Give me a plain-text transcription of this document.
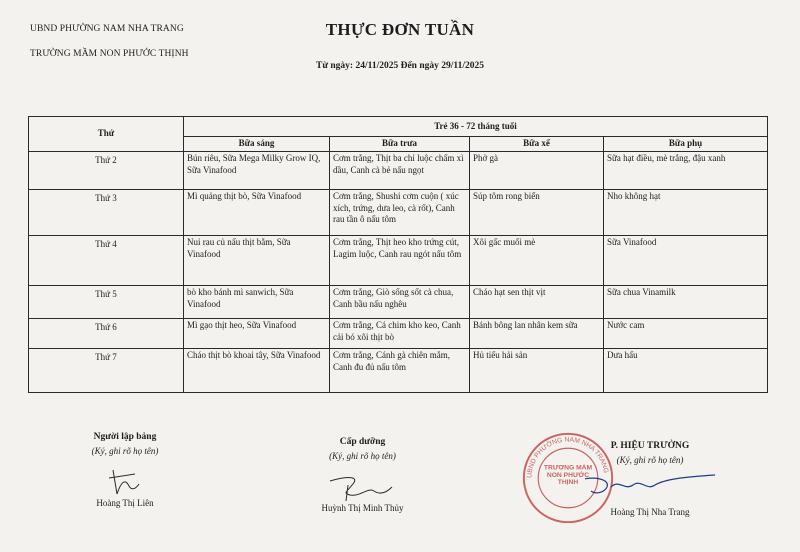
UBND PHƯỜNG NAM NHA TRANG
TRƯỜNG MẦM NON PHƯỚC THỊNH
THỰC ĐƠN TUẦN
Từ ngày: 24/11/2025 Đến ngày 29/11/2025
Thứ	Trẻ 36 - 72 tháng tuổi			
	Bữa sáng	Bữa trưa	Bữa xế	Bữa phụ
Thứ 2	Bún riêu, Sữa Mega Milky Grow IQ, Sữa Vinafood	Cơm trắng, Thịt ba chỉ luộc chấm xì dầu, Canh cà bẻ nấu ngọt	Phở gà	Sữa hạt điều, mè trắng, đậu xanh
Thứ 3	Mì quảng thịt bò, Sữa Vinafood	Cơm trắng, Shushi cơm cuộn ( xúc xích, trứng, dưa leo, cà rốt), Canh rau tần ô nấu tôm	Súp tôm rong biển	Nho không hạt
Thứ 4	Nui rau củ nấu thịt bằm, Sữa Vinafood	Cơm trắng, Thịt heo kho trứng cút, Lagim luộc, Canh rau ngót nấu tôm	Xôi gấc muối mè	Sữa Vinafood
Thứ 5	bò kho bánh mì sanwich, Sữa Vinafood	Cơm trắng, Giò sống sốt cà chua, Canh bầu nấu nghêu	Cháo hạt sen thịt vịt	Sữa chua Vinamilk
Thứ 6	Mì gạo thịt heo, Sữa Vinafood	Cơm trắng, Cá chim kho keo, Canh cải bó xôi thịt bò	Bánh bông lan nhân kem sữa	Nước cam
Thứ 7	Cháo thịt bò khoai tây, Sữa Vinafood	Cơm trắng, Cánh gà chiên mắm, Canh đu đủ nấu tôm	Hủ tiếu hải sản	Dưa hấu
Người lập bảng
(Ký, ghi rõ họ tên)
Hoàng Thị Liên
Cấp dưỡng
(Ký, ghi rõ họ tên)
Huỳnh Thị Minh Thủy
UBND PHƯỜNG NAM NHA TRANG
TRƯỜNG MẦM NON PHƯỚC THỊNH
P. HIỆU TRƯỞNG
(Ký, ghi rõ họ tên)
Hoàng Thị Nha Trang
